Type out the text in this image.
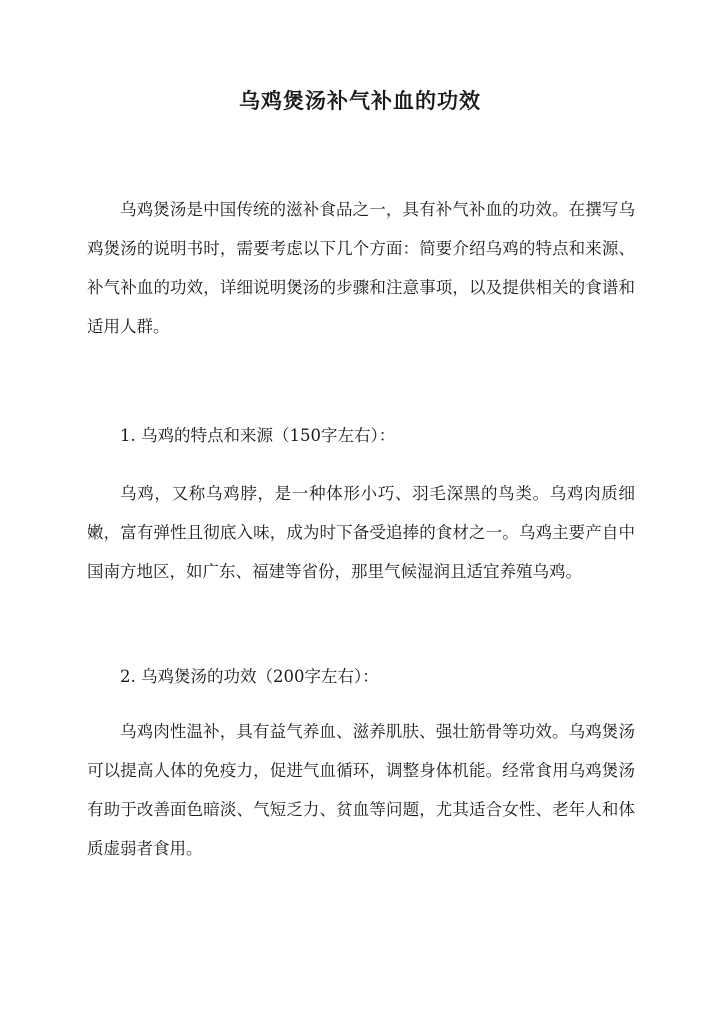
乌鸡煲汤补气补血的功效

乌鸡煲汤是中国传统的滋补食品之一，具有补气补血的功效。在撰写乌鸡煲汤的说明书时，需要考虑以下几个方面：简要介绍乌鸡的特点和来源、补气补血的功效，详细说明煲汤的步骤和注意事项，以及提供相关的食谱和适用人群。

1. 乌鸡的特点和来源（150字左右）：

乌鸡，又称乌鸡脖，是一种体形小巧、羽毛深黑的鸟类。乌鸡肉质细嫩，富有弹性且彻底入味，成为时下备受追捧的食材之一。乌鸡主要产自中国南方地区，如广东、福建等省份，那里气候湿润且适宜养殖乌鸡。

2. 乌鸡煲汤的功效（200字左右）：

乌鸡肉性温补，具有益气养血、滋养肌肤、强壮筋骨等功效。乌鸡煲汤可以提高人体的免疫力，促进气血循环，调整身体机能。经常食用乌鸡煲汤有助于改善面色暗淡、气短乏力、贫血等问题，尤其适合女性、老年人和体质虚弱者食用。
